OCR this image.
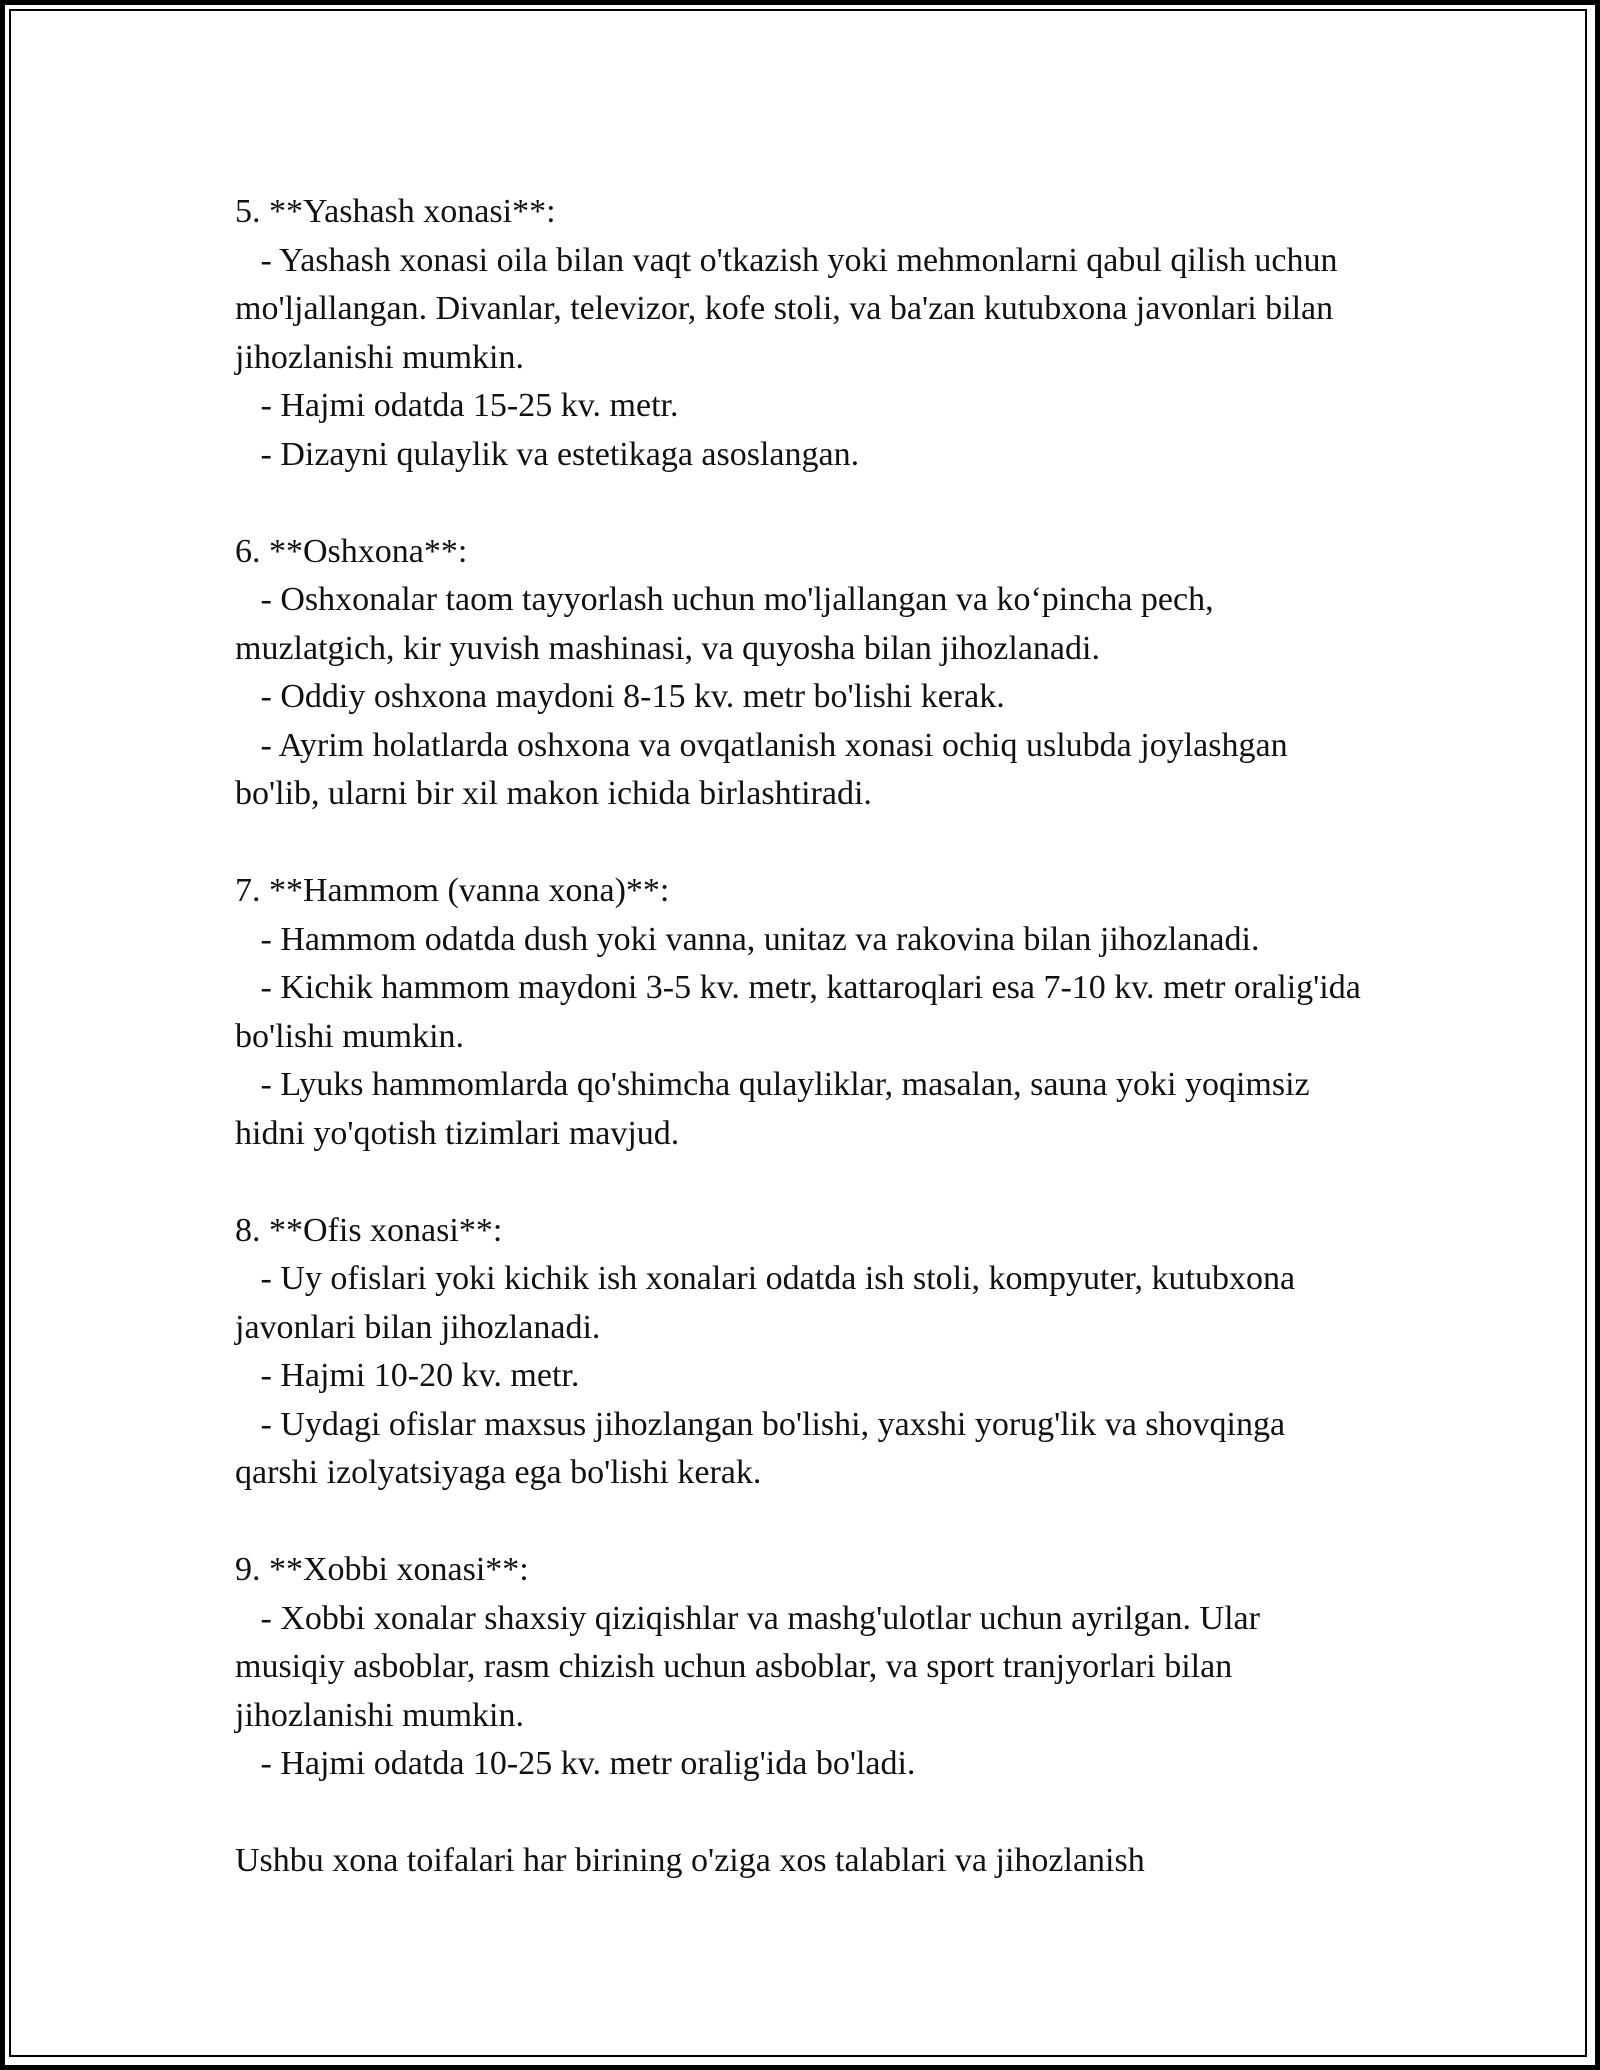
5. **Yashash xonasi**:

- Yashash xonasi oila bilan vaqt o'tkazish yoki mehmonlarni qabul qilish uchun mo'ljallangan. Divanlar, televizor, kofe stoli, va ba'zan kutubxona javonlari bilan jihozlanishi mumkin.

- Hajmi odatda 15-25 kv. metr.

- Dizayni qulaylik va estetikaga asoslangan.

6. **Oshxona**:

- Oshxonalar taom tayyorlash uchun mo'ljallangan va ko‘pincha pech, muzlatgich, kir yuvish mashinasi, va quyosha bilan jihozlanadi.

- Oddiy oshxona maydoni 8-15 kv. metr bo'lishi kerak.

- Ayrim holatlarda oshxona va ovqatlanish xonasi ochiq uslubda joylashgan bo'lib, ularni bir xil makon ichida birlashtiradi.

7. **Hammom (vanna xona)**:

- Hammom odatda dush yoki vanna, unitaz va rakovina bilan jihozlanadi.

- Kichik hammom maydoni 3-5 kv. metr, kattaroqlari esa 7-10 kv. metr oralig'ida bo'lishi mumkin.

- Lyuks hammomlarda qo'shimcha qulayliklar, masalan, sauna yoki yoqimsiz hidni yo'qotish tizimlari mavjud.

8. **Ofis xonasi**:

- Uy ofislari yoki kichik ish xonalari odatda ish stoli, kompyuter, kutubxona javonlari bilan jihozlanadi.

- Hajmi 10-20 kv. metr.

- Uydagi ofislar maxsus jihozlangan bo'lishi, yaxshi yorug'lik va shovqinga qarshi izolyatsiyaga ega bo'lishi kerak.

9. **Xobbi xonasi**:

- Xobbi xonalar shaxsiy qiziqishlar va mashg'ulotlar uchun ayrilgan. Ular musiqiy asboblar, rasm chizish uchun asboblar, va sport tranjyorlari bilan jihozlanishi mumkin.

- Hajmi odatda 10-25 kv. metr oralig'ida bo'ladi.

Ushbu xona toifalari har birining o'ziga xos talablari va jihozlanish
